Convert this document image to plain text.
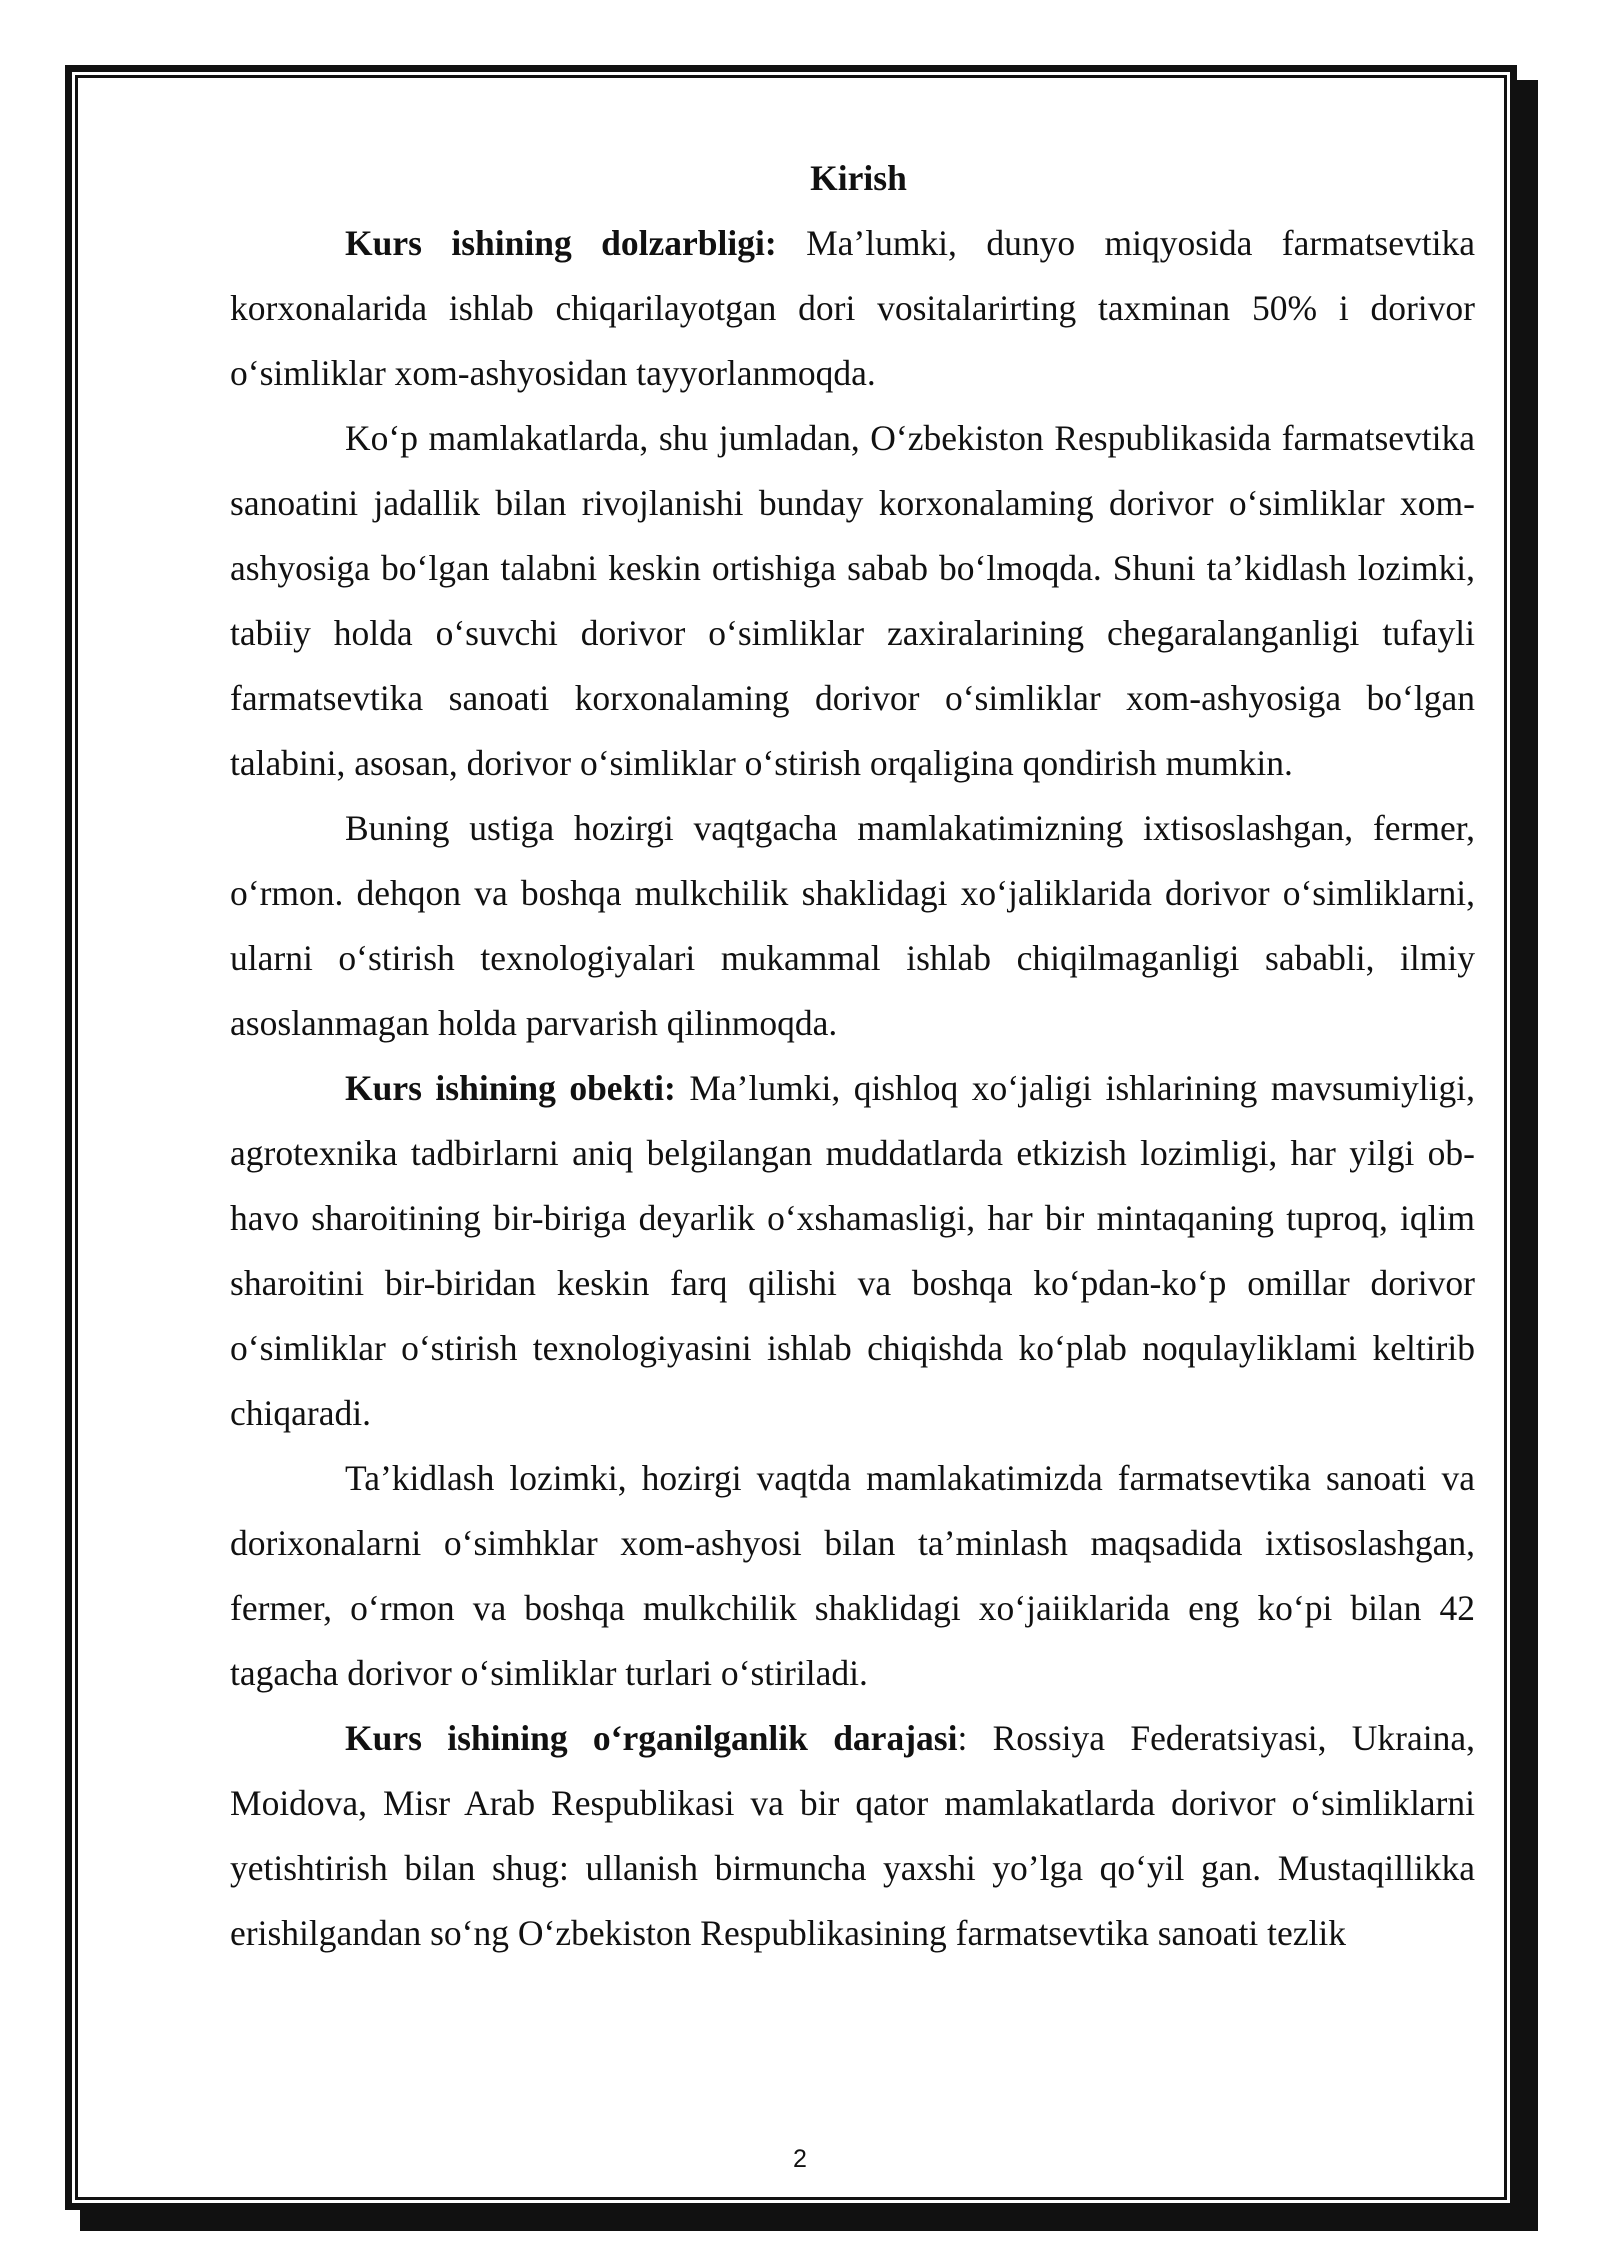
Kirish

Kurs ishining dolzarbligi: Ma’lumki, dunyo miqyosida farmatsevtika korxonalarida ishlab chiqarilayotgan dori vositalarirting taxminan 50% i dorivor o‘simliklar xom-ashyosidan tayyorlanmoqda.

Ko‘p mamlakatlarda, shu jumladan, O‘zbekiston Respublikasida farmatsevtika sanoatini jadallik bilan rivojlanishi bunday korxonalaming dorivor o‘simliklar xom-ashyosiga bo‘lgan talabni keskin ortishiga sabab bo‘lmoqda. Shuni ta’kidlash lozimki, tabiiy holda o‘suvchi dorivor o‘simliklar zaxiralarining chegaralanganligi tufayli farmatsevtika sanoati korxonalaming dorivor o‘simliklar xom-ashyosiga bo‘lgan talabini, asosan, dorivor o‘simliklar o‘stirish orqaligina qondirish mumkin.

Buning ustiga hozirgi vaqtgacha mamlakatimizning ixtisoslashgan, fermer, o‘rmon. dehqon va boshqa mulkchilik shaklidagi xo‘jaliklarida dorivor o‘simliklarni, ularni o‘stirish texnologiyalari mukammal ishlab chiqilmaganligi sababli, ilmiy asoslanmagan holda parvarish qilinmoqda.

Kurs ishining obekti: Ma’lumki, qishloq xo‘jaligi ishlarining mavsumiyligi, agrotexnika tadbirlarni aniq belgilangan muddatlarda etkizish lozimligi, har yilgi ob-havo sharoitining bir-biriga deyarlik o‘xshamasligi, har bir mintaqaning tuproq, iqlim sharoitini bir-biridan keskin farq qilishi va boshqa ko‘pdan-ko‘p omillar dorivor o‘simliklar o‘stirish texnologiyasini ishlab chiqishda ko‘plab noqulayliklami keltirib chiqaradi.

Ta’kidlash lozimki, hozirgi vaqtda mamlakatimizda farmatsevtika sanoati va dorixonalarni o‘simhklar xom-ashyosi bilan ta’minlash maqsadida ixtisoslashgan, fermer, o‘rmon va boshqa mulkchilik shaklidagi xo‘jaiiklarida eng ko‘pi bilan 42 tagacha dorivor o‘simliklar turlari o‘stiriladi.

Kurs ishining o‘rganilganlik darajasi: Rossiya Federatsiyasi, Ukraina, Moidova, Misr Arab Respublikasi va bir qator mamlakatlarda dorivor o‘simliklarni yetishtirish bilan shug: ullanish birmuncha yaxshi yo’lga qo‘yil gan. Mustaqillikka erishilgandan so‘ng O‘zbekiston Respublikasining farmatsevtika sanoati tezlik

2
